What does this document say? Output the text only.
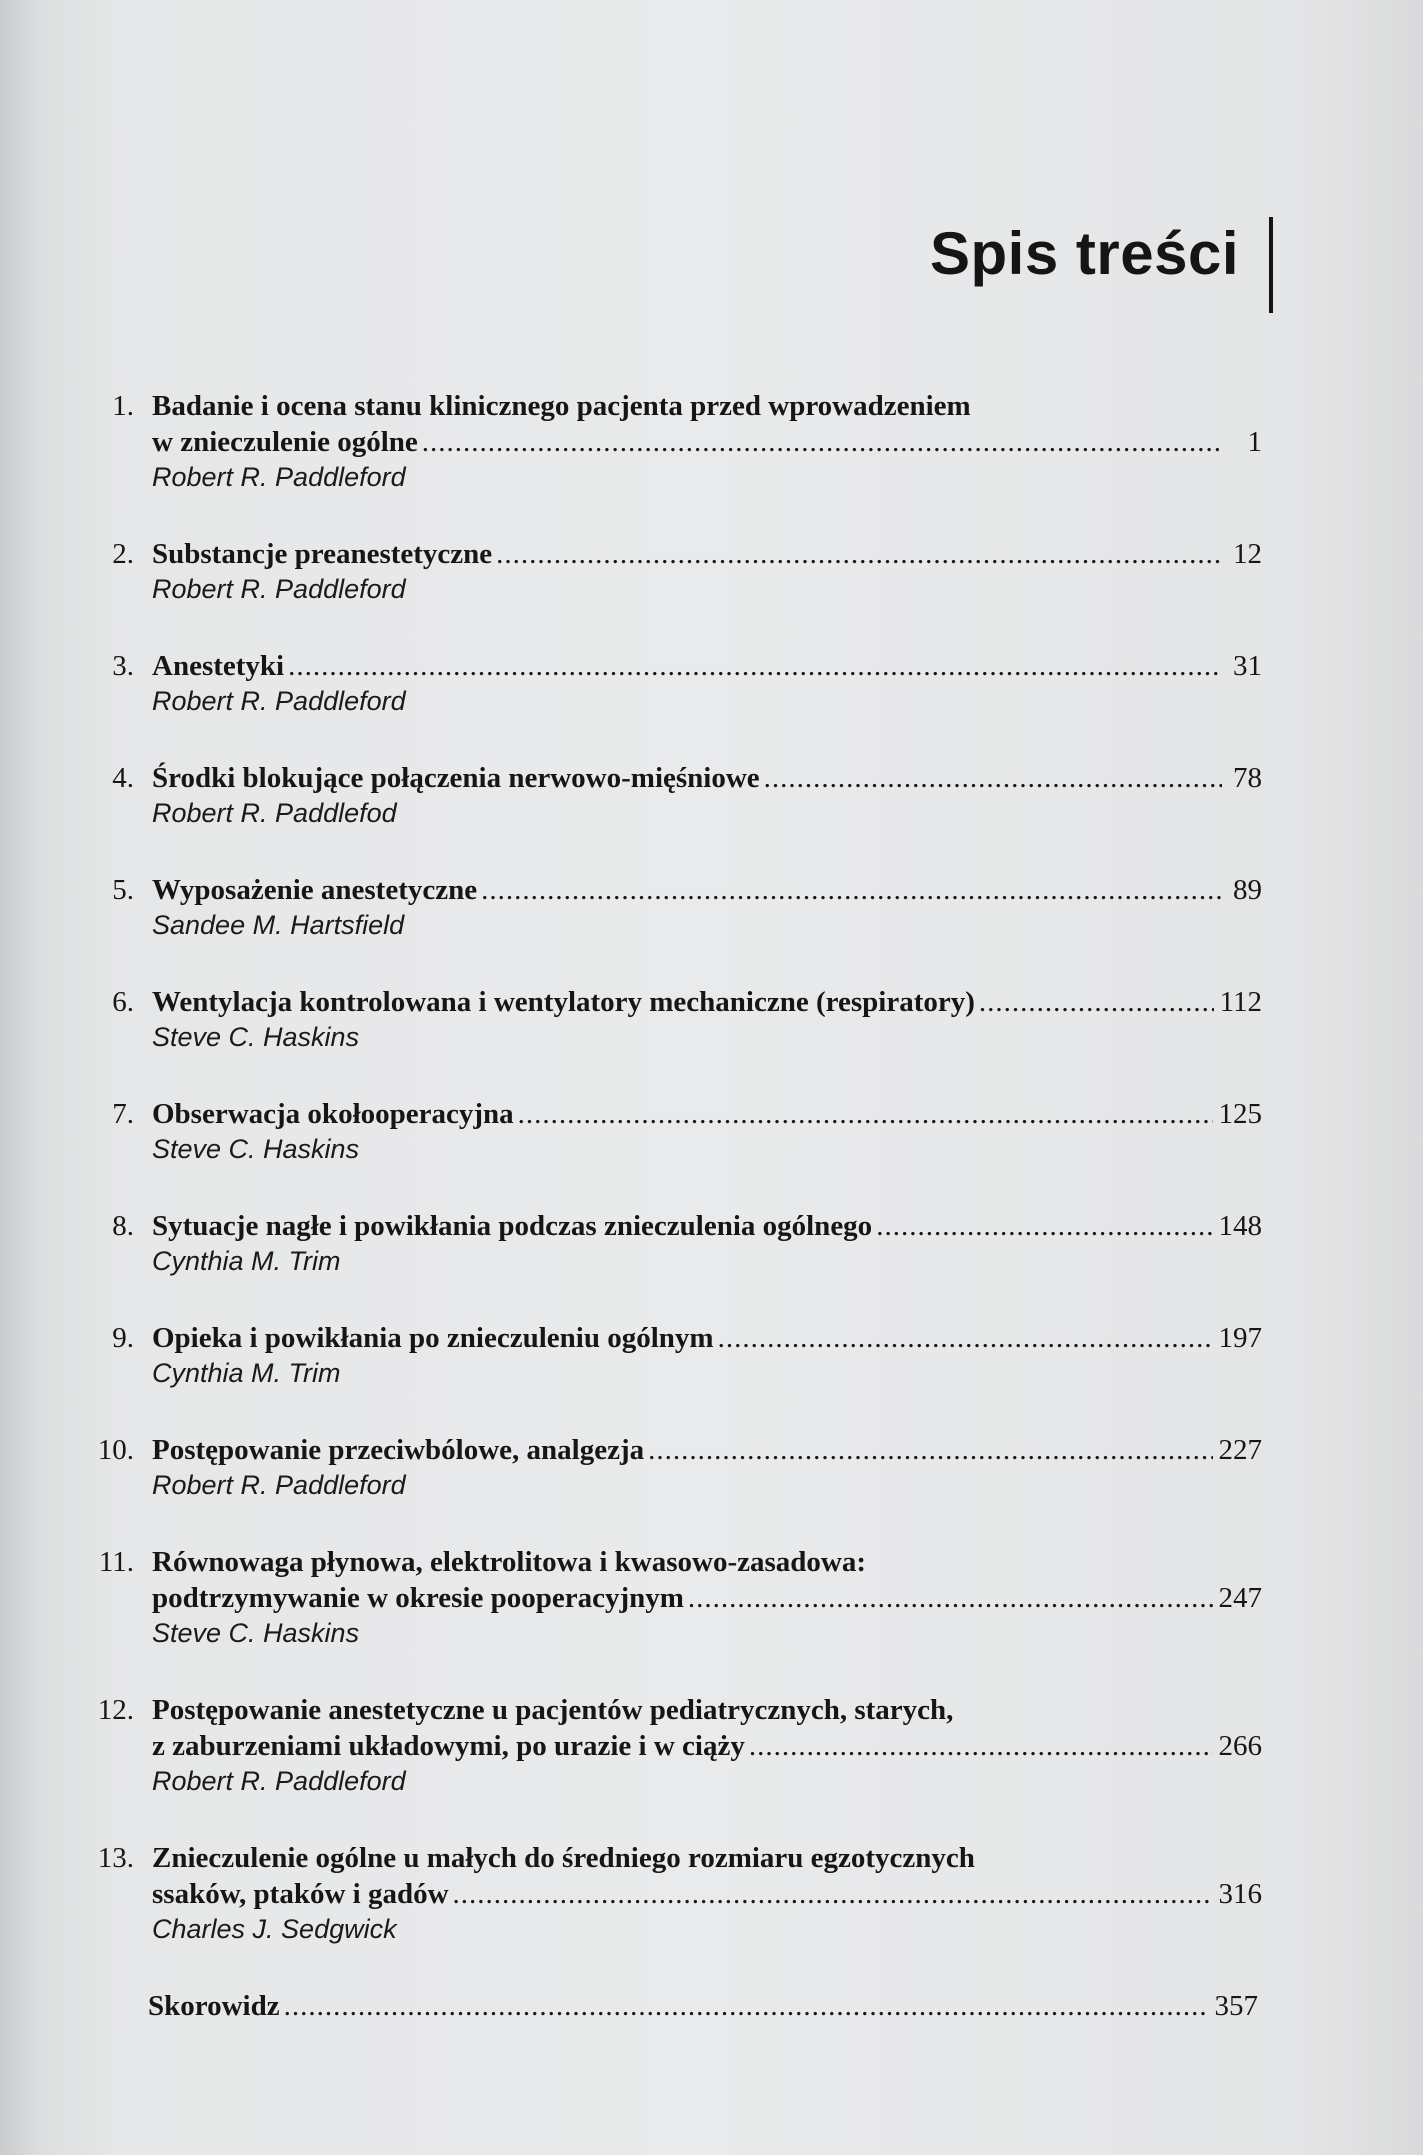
Spis treści
1. Badanie i ocena stanu klinicznego pacjenta przed wprowadzeniem
w znieczulenie ogólne .....	1
Robert R. Paddleford
2. Substancje preanestetyczne .....	12
Robert R. Paddleford
3. Anestetyki .....	31
Robert R. Paddleford
4. Środki blokujące połączenia nerwowo-mięśniowe .....	78
Robert R. Paddlefod
5. Wyposażenie anestetyczne .....	89
Sandee M. Hartsfield
6. Wentylacja kontrolowana i wentylatory mechaniczne (respiratory) .....	112
Steve C. Haskins
7. Obserwacja okołooperacyjna .....	125
Steve C. Haskins
8. Sytuacje nagłe i powikłania podczas znieczulenia ogólnego .....	148
Cynthia M. Trim
9. Opieka i powikłania po znieczuleniu ogólnym .....	197
Cynthia M. Trim
10. Postępowanie przeciwbólowe, analgezja .....	227
Robert R. Paddleford
11. Równowaga płynowa, elektrolitowa i kwasowo-zasadowa:
podtrzymywanie w okresie pooperacyjnym .....	247
Steve C. Haskins
12. Postępowanie anestetyczne u pacjentów pediatrycznych, starych,
z zaburzeniami układowymi, po urazie i w ciąży .....	266
Robert R. Paddleford
13. Znieczulenie ogólne u małych do średniego rozmiaru egzotycznych
ssaków, ptaków i gadów .....	316
Charles J. Sedgwick
Skorowidz .....	357
